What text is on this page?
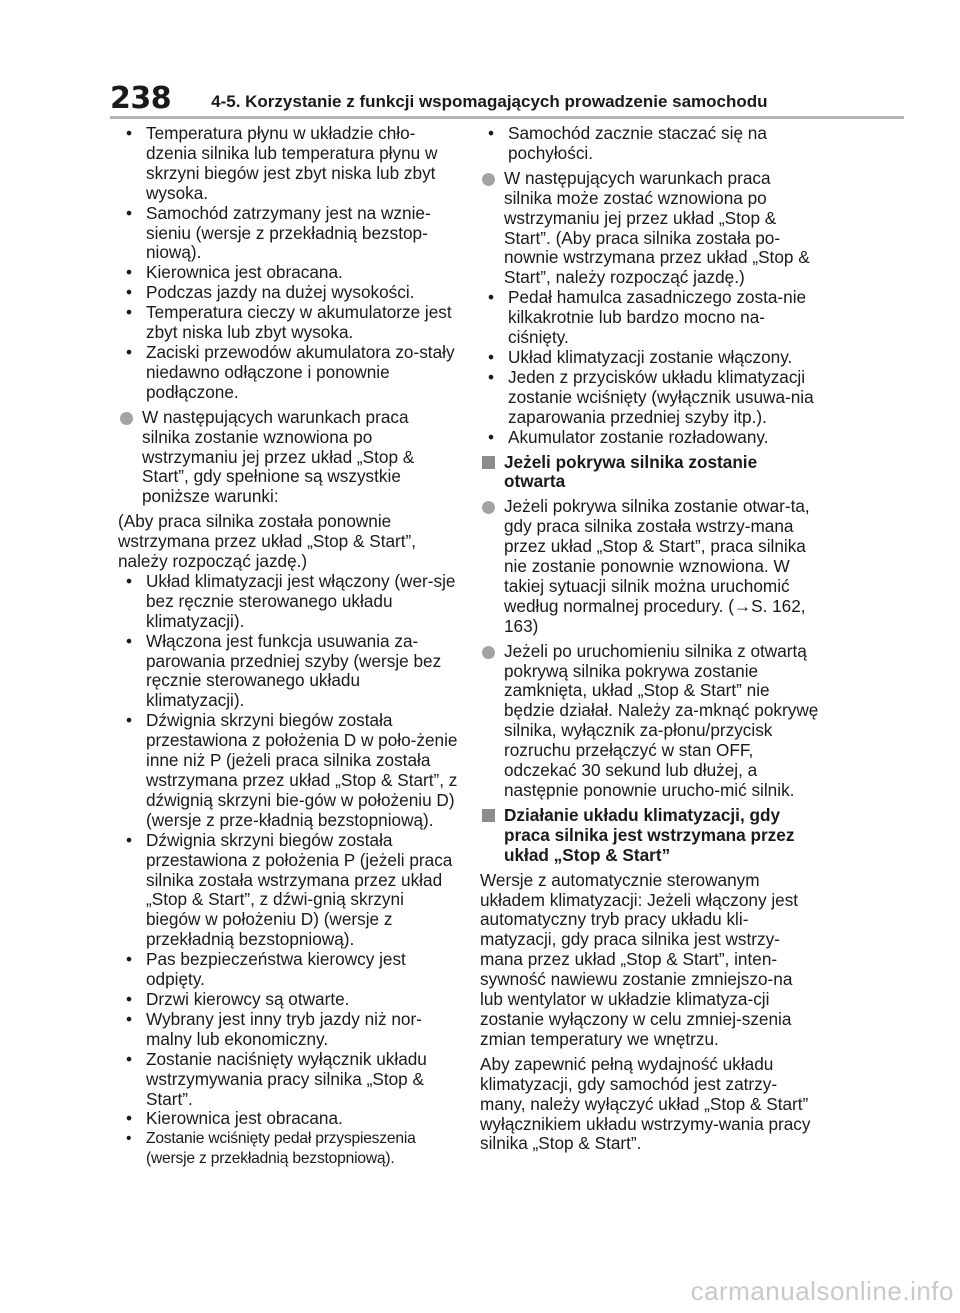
238 4-5. Korzystanie z funkcji wspomagających prowadzenie samochodu
• Temperatura płynu w układzie chło-dzenia silnika lub temperatura płynu w skrzyni biegów jest zbyt niska lub zbyt wysoka.
• Samochód zatrzymany jest na wznie-sieniu (wersje z przekładnią bezstop-niową).
• Kierownica jest obracana.
• Podczas jazdy na dużej wysokości.
• Temperatura cieczy w akumulatorze jest zbyt niska lub zbyt wysoka.
• Zaciski przewodów akumulatora zo-stały niedawno odłączone i ponownie podłączone.
W następujących warunkach praca silnika zostanie wznowiona po wstrzymaniu jej przez układ „Stop & Start”, gdy spełnione są wszystkie poniższe warunki:
(Aby praca silnika została ponownie wstrzymana przez układ „Stop & Start”, należy rozpocząć jazdę.)
• Układ klimatyzacji jest włączony (wer-sje bez ręcznie sterowanego układu klimatyzacji).
• Włączona jest funkcja usuwania za-parowania przedniej szyby (wersje bez ręcznie sterowanego układu klimatyzacji).
• Dźwignia skrzyni biegów została przestawiona z położenia D w poło-żenie inne niż P (jeżeli praca silnika została wstrzymana przez układ „Stop & Start”, z dźwignią skrzyni bie-gów w położeniu D) (wersje z prze-kładnią bezstopniową).
• Dźwignia skrzyni biegów została przestawiona z położenia P (jeżeli praca silnika została wstrzymana przez układ „Stop & Start”, z dźwi-gnią skrzyni biegów w położeniu D) (wersje z przekładnią bezstopniową).
• Pas bezpieczeństwa kierowcy jest odpięty.
• Drzwi kierowcy są otwarte.
• Wybrany jest inny tryb jazdy niż nor-malny lub ekonomiczny.
• Zostanie naciśnięty wyłącznik układu wstrzymywania pracy silnika „Stop & Start”.
• Kierownica jest obracana.
• Zostanie wciśnięty pedał przyspieszenia (wersje z przekładnią bezstopniową).
• Samochód zacznie staczać się na pochyłości.
W następujących warunkach praca silnika może zostać wznowiona po wstrzymaniu jej przez układ „Stop & Start”. (Aby praca silnika została po-nownie wstrzymana przez układ „Stop & Start”, należy rozpocząć jazdę.)
• Pedał hamulca zasadniczego zosta-nie kilkakrotnie lub bardzo mocno na-ciśnięty.
• Układ klimatyzacji zostanie włączony.
• Jeden z przycisków układu klimatyzacji zostanie wciśnięty (wyłącznik usuwa-nia zaparowania przedniej szyby itp.).
• Akumulator zostanie rozładowany.
Jeżeli pokrywa silnika zostanie otwarta
Jeżeli pokrywa silnika zostanie otwar-ta, gdy praca silnika została wstrzy-mana przez układ „Stop & Start”, praca silnika nie zostanie ponownie wznowiona. W takiej sytuacji silnik można uruchomić według normalnej procedury. (→S. 162, 163)
Jeżeli po uruchomieniu silnika z otwartą pokrywą silnika pokrywa zostanie zamknięta, układ „Stop & Start” nie będzie działał. Należy za-mknąć pokrywę silnika, wyłącznik za-płonu/przycisk rozruchu przełączyć w stan OFF, odczekać 30 sekund lub dłużej, a następnie ponownie urucho-mić silnik.
Działanie układu klimatyzacji, gdy praca silnika jest wstrzymana przez układ „Stop & Start”
Wersje z automatycznie sterowanym układem klimatyzacji: Jeżeli włączony jest automatyczny tryb pracy układu kli-matyzacji, gdy praca silnika jest wstrzy-mana przez układ „Stop & Start”, inten-sywność nawiewu zostanie zmniejszo-na lub wentylator w układzie klimatyza-cji zostanie wyłączony w celu zmniej-szenia zmian temperatury we wnętrzu.
Aby zapewnić pełną wydajność układu klimatyzacji, gdy samochód jest zatrzy-many, należy wyłączyć układ „Stop & Start” wyłącznikiem układu wstrzymy-wania pracy silnika „Stop & Start”.
carmanualsonline.info
